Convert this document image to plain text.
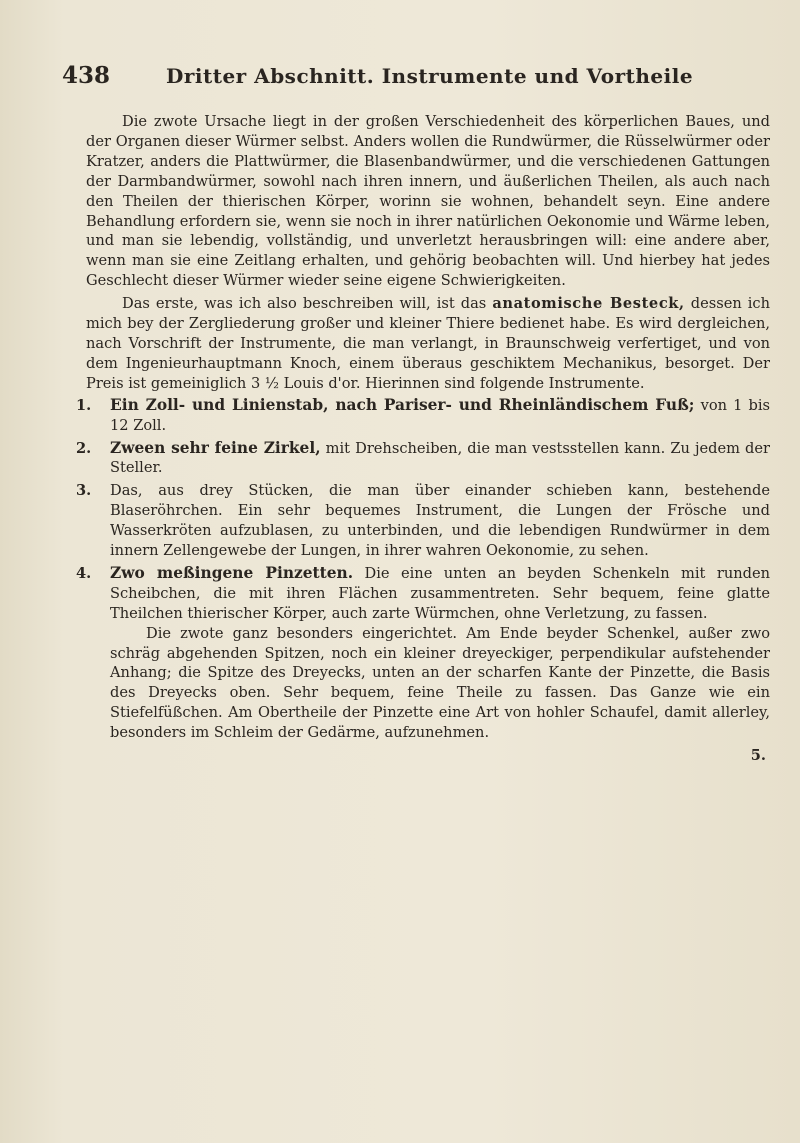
438	Dritter Abschnitt. Instrumente und Vortheile

Die zwote Ursache liegt in der großen Verschiedenheit des körperlichen Baues, und der Organen dieser Würmer selbst. Anders wollen die Rundwürmer, die Rüsselwürmer oder Kratzer, anders die Plattwürmer, die Blasenbandwürmer, und die verschiedenen Gattungen der Darmbandwürmer, sowohl nach ihren innern, und äußerlichen Theilen, als auch nach den Theilen der thierischen Körper, worinn sie wohnen, behandelt seyn. Eine andere Behandlung erfordern sie, wenn sie noch in ihrer natürlichen Oekonomie und Wärme leben, und man sie lebendig, vollständig, und unverletzt herausbringen will: eine andere aber, wenn man sie eine Zeitlang erhalten, und gehörig beobachten will. Und hierbey hat jedes Geschlecht dieser Würmer wieder seine eigene Schwierigkeiten.

Das erste, was ich also beschreiben will, ist das anatomische Besteck, dessen ich mich bey der Zergliederung großer und kleiner Thiere bedienet habe. Es wird dergleichen, nach Vorschrift der Instrumente, die man verlangt, in Braunschweig verfertiget, und von dem Ingenieurhauptmann Knoch, einem überaus geschiktem Mechanikus, besorget. Der Preis ist gemeiniglich 3 ½ Louis d'or. Hierinnen sind folgende Instrumente.

1. Ein Zoll- und Linienstab, nach Pariser- und Rheinländischem Fuß; von 1 bis 12 Zoll.
2. Zween sehr feine Zirkel, mit Drehscheiben, die man vestsstellen kann. Zu jedem der Steller.
3. Das, aus drey Stücken, die man über einander schieben kann, bestehende Blaseröhrchen. Ein sehr bequemes Instrument, die Lungen der Frösche und Wasserkröten aufzublasen, zu unterbinden, und die lebendigen Rundwürmer in dem innern Zellengewebe der Lungen, in ihrer wahren Oekonomie, zu sehen.
4. Zwo meßingene Pinzetten. Die eine unten an beyden Schenkeln mit runden Scheibchen, die mit ihren Flächen zusammentreten. Sehr bequem, feine glatte Theilchen thierischer Körper, auch zarte Würmchen, ohne Verletzung, zu fassen.

Die zwote ganz besonders eingerichtet. Am Ende beyder Schenkel, außer zwo schräg abgehenden Spitzen, noch ein kleiner dreyeckiger, perpendikular aufstehender Anhang; die Spitze des Dreyecks, unten an der scharfen Kante der Pinzette, die Basis des Dreyecks oben. Sehr bequem, feine Theile zu fassen. Das Ganze wie ein Stiefelfüßchen. Am Obertheile der Pinzette eine Art von hohler Schaufel, damit allerley, besonders im Schleim der Gedärme, aufzunehmen.

5.
